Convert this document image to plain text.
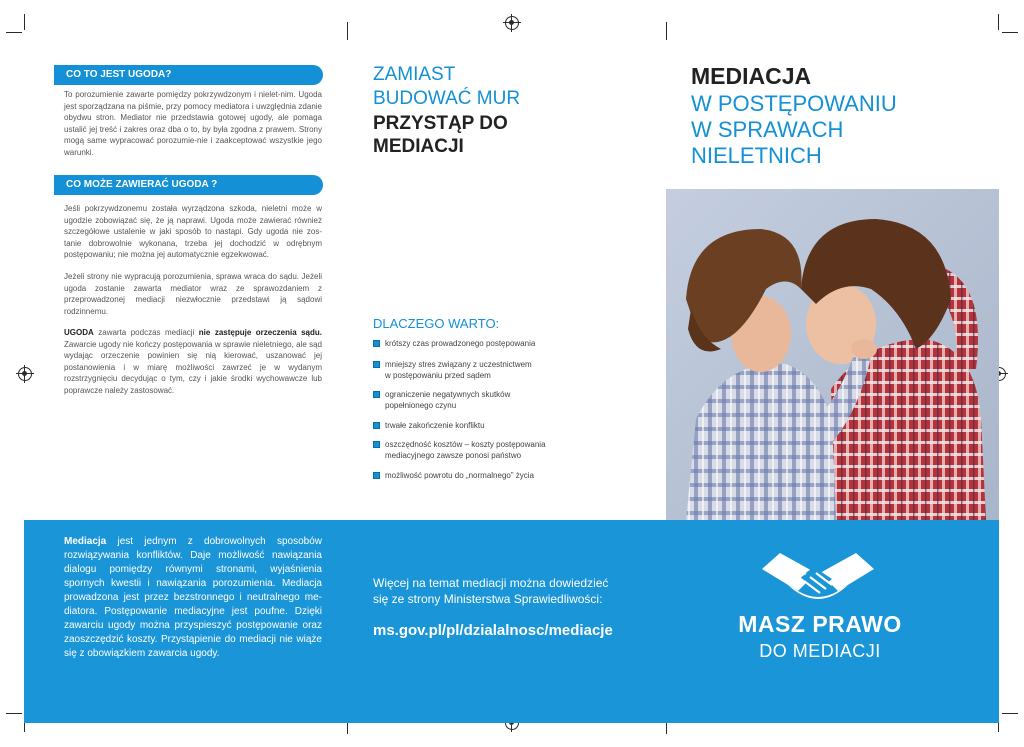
CO TO JEST UGODA?
To porozumienie zawarte pomiędzy pokrzywdzonym i nielet-nim. Ugoda jest sporządzana na piśmie, przy pomocy mediatora i uwzględnia zdanie obydwu stron. Mediator nie przedstawia gotowej ugody, ale pomaga ustalić jej treść i zakres oraz dba o to, by była zgodna z prawem. Strony mogą same wypracować porozumie-nie i zaakceptować wszystkie jego warunki.
CO MOŻE ZAWIERAĆ UGODA ?
Jeśli pokrzywdzonemu została wyrządzona szkoda, nieletni może w ugodzie zobowiązać się, że ją naprawi. Ugoda może zawierać również szczegółowe ustalenie w jaki sposób to nastąpi. Gdy ugoda nie zos-tanie dobrowolnie wykonana, trzeba jej dochodzić w odrębnym postępowaniu; nie można jej automatycznie egzekwować.
Jeżeli strony nie wypracują porozumienia, sprawa wraca do sądu. Jeżeli ugoda zostanie zawarta mediator wraz ze sprawozdaniem z przeprowadzonej mediacji niezwłocznie przedstawi ją sądowi rodzinnemu.
UGODA zawarta podczas mediacji nie zastępuje orzeczenia sądu. Zawarcie ugody nie kończy postępowania w sprawie nieletniego, ale sąd wydając orzeczenie powinien się nią kierować, uszanować jej postanowienia i w miarę możliwości zawrzeć je w wydanym rozstrzygnięciu decydując o tym, czy i jakie środki wychowawcze lub poprawcze należy zastosować.
ZAMIAST
BUDOWAĆ MUR
PRZYSTĄP DO
MEDIACJI
DLACZEGO WARTO:
krótszy czas prowadzonego postępowania
mniejszy stres związany z uczestnictwem
w postępowaniu przed sądem
ograniczenie negatywnych skutków
popełnionego czynu
trwałe zakończenie konfliktu
oszczędność kosztów – koszty postępowania
mediacyjnego zawsze ponosi państwo
możliwość powrotu do „normalnego” życia
MEDIACJA
W POSTĘPOWANIU
W SPRAWACH
NIELETNICH
Mediacja jest jednym z dobrowolnych sposobów rozwiązywania konfliktów. Daje możliwość nawiązania dialogu pomiędzy równymi stronami, wyjaśnienia spornych kwestii i nawiązania porozumienia. Mediacja prowadzona jest przez bezstronnego i neutralnego me-diatora. Postępowanie mediacyjne jest poufne. Dzięki zawarciu ugody można przyspieszyć postępowanie oraz zaoszczędzić koszty. Przystąpienie do mediacji nie wiąże się z obowiązkiem zawarcia ugody.
Więcej na temat mediacji można dowiedzieć
się ze strony Ministerstwa Sprawiedliwości:
ms.gov.pl/pl/dzialalnosc/mediacje	MASZ PRAWO
DO MEDIACJI
